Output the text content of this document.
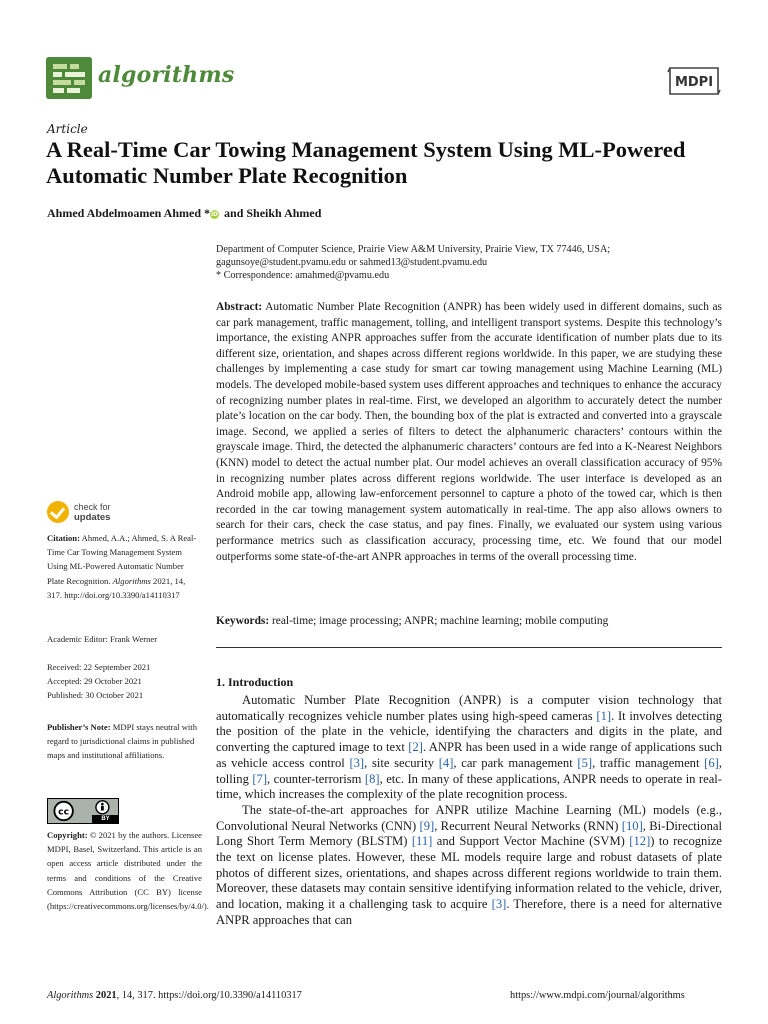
algorithms	MDPI
Article
A Real-Time Car Towing Management System Using ML-Powered Automatic Number Plate Recognition
Ahmed Abdelmoamen Ahmed *iD and Sheikh Ahmed
Department of Computer Science, Prairie View A&M University, Prairie View, TX 77446, USA;
gagunsoye@student.pvamu.edu or sahmed13@student.pvamu.edu
* Correspondence: amahmed@pvamu.edu
Abstract: Automatic Number Plate Recognition (ANPR) has been widely used in different domains, such as car park management, traffic management, tolling, and intelligent transport systems. Despite this technology’s importance, the existing ANPR approaches suffer from the accurate identification of number plats due to its different size, orientation, and shapes across different regions worldwide. In this paper, we are studying these challenges by implementing a case study for smart car towing management using Machine Learning (ML) models. The developed mobile-based system uses different approaches and techniques to enhance the accuracy of recognizing number plates in real-time. First, we developed an algorithm to accurately detect the number plate’s location on the car body. Then, the bounding box of the plat is extracted and converted into a grayscale image. Second, we applied a series of filters to detect the alphanumeric characters’ contours within the grayscale image. Third, the detected the alphanumeric characters’ contours are fed into a K-Nearest Neighbors (KNN) model to detect the actual number plat. Our model achieves an overall classification accuracy of 95% in recognizing number plates across different regions worldwide. The user interface is developed as an Android mobile app, allowing law-enforcement personnel to capture a photo of the towed car, which is then recorded in the car towing management system automatically in real-time. The app also allows owners to search for their cars, check the case status, and pay fines. Finally, we evaluated our system using various performance metrics such as classification accuracy, processing time, etc. We found that our model outperforms some state-of-the-art ANPR approaches in terms of the overall processing time.
Keywords: real-time; image processing; ANPR; machine learning; mobile computing
1. Introduction

Automatic Number Plate Recognition (ANPR) is a computer vision technology that automatically recognizes vehicle number plates using high-speed cameras [1]. It involves detecting the position of the plate in the vehicle, identifying the characters and digits in the plate, and converting the captured image to text [2]. ANPR has been used in a wide range of applications such as vehicle access control [3], site security [4], car park management [5], traffic management [6], tolling [7], counter-terrorism [8], etc. In many of these applications, ANPR needs to operate in real-time, which increases the complexity of the plate recognition process.

The state-of-the-art approaches for ANPR utilize Machine Learning (ML) models (e.g., Convolutional Neural Networks (CNN) [9], Recurrent Neural Networks (RNN) [10], Bi-Directional Long Short Term Memory (BLSTM) [11] and Support Vector Machine (SVM) [12]) to recognize the text on license plates. However, these ML models require large and robust datasets of plate photos of different sizes, orientations, and shapes across different regions worldwide to train them. Moreover, these datasets may contain sensitive identifying information related to the vehicle, driver, and location, making it a challenging task to acquire [3]. Therefore, there is a need for alternative ANPR approaches that can

check for
updates
Citation: Ahmed, A.A.; Ahmed, S. A Real-Time Car Towing Management System Using ML-Powered Automatic Number Plate Recognition. Algorithms 2021, 14, 317. http://doi.org/10.3390/a14110317
Academic Editor: Frank Werner
Received: 22 September 2021
Accepted: 29 October 2021
Published: 30 October 2021
Publisher’s Note: MDPI stays neutral with regard to jurisdictional claims in published maps and institutional affiliations.
cc
BY
Copyright: © 2021 by the authors. Licensee MDPI, Basel, Switzerland. This article is an open access article distributed under the terms and conditions of the Creative Commons Attribution (CC BY) license (https://creativecommons.org/licenses/by/4.0/).
Algorithms 2021, 14, 317. https://doi.org/10.3390/a14110317	https://www.mdpi.com/journal/algorithms
